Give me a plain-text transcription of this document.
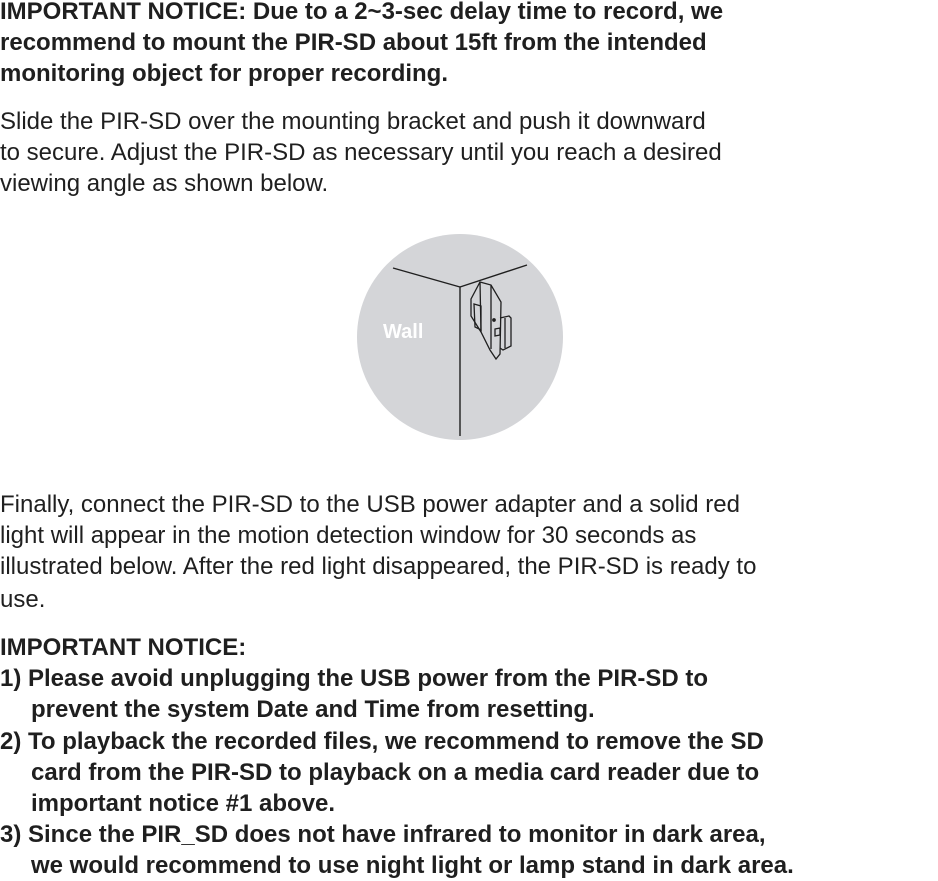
IMPORTANT NOTICE: Due to a 2~3-sec delay time to record, we
recommend to mount the PIR-SD about 15ft from the intended
monitoring object for proper recording.
Slide the PIR-SD over the mounting bracket and push it downward
to secure. Adjust the PIR-SD as necessary until you reach a desired
viewing angle as shown below.
Wall
Finally, connect the PIR-SD to the USB power adapter and a solid red
light will appear in the motion detection window for 30 seconds as
illustrated below. After the red light disappeared, the PIR-SD is ready to
use.
IMPORTANT NOTICE:
1) Please avoid unplugging the USB power from the PIR-SD to
prevent the system Date and Time from resetting.
2) To playback the recorded files, we recommend to remove the SD
card from the PIR-SD to playback on a media card reader due to
important notice #1 above.
3) Since the PIR_SD does not have infrared to monitor in dark area,
we would recommend to use night light or lamp stand in dark area.
